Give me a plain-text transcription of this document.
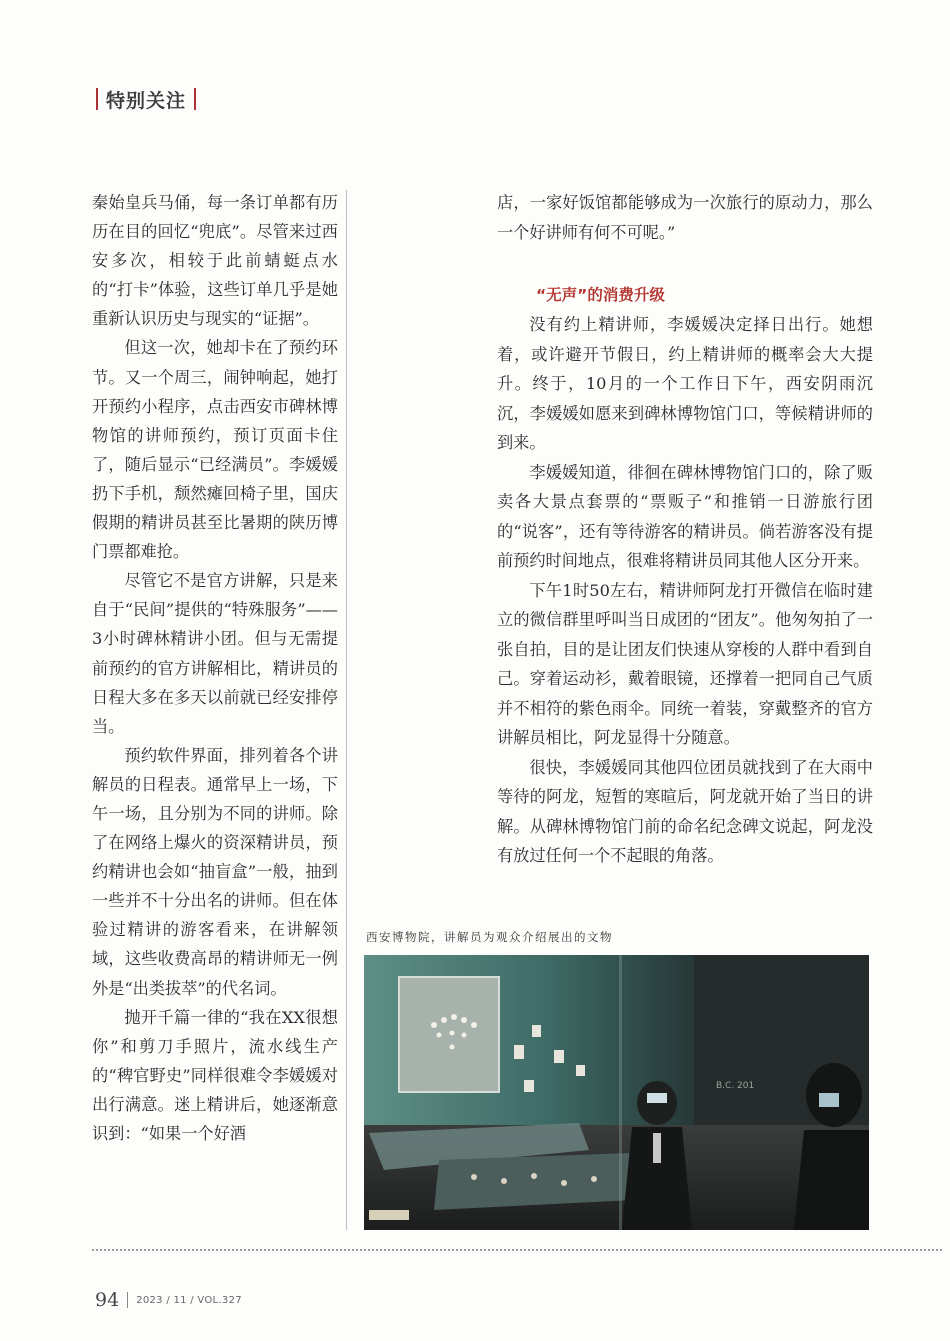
特别关注

秦始皇兵马俑，每一条订单都有历历在目的回忆“兜底”。尽管来过西安多次，相较于此前蜻蜓点水的“打卡”体验，这些订单几乎是她重新认识历史与现实的“证据”。

但这一次，她却卡在了预约环节。又一个周三，闹钟响起，她打开预约小程序，点击西安市碑林博物馆的讲师预约，预订页面卡住了，随后显示“已经满员”。李媛媛扔下手机，颓然瘫回椅子里，国庆假期的精讲员甚至比暑期的陕历博门票都难抢。

尽管它不是官方讲解，只是来自于“民间”提供的“特殊服务”——3小时碑林精讲小团。但与无需提前预约的官方讲解相比，精讲员的日程大多在多天以前就已经安排停当。

预约软件界面，排列着各个讲解员的日程表。通常早上一场，下午一场，且分别为不同的讲师。除了在网络上爆火的资深精讲员，预约精讲也会如“抽盲盒”一般，抽到一些并不十分出名的讲师。但在体验过精讲的游客看来，在讲解领域，这些收费高昂的精讲师无一例外是“出类拔萃”的代名词。

抛开千篇一律的“我在XX很想你”和剪刀手照片，流水线生产的“稗官野史”同样很难令李媛媛对出行满意。迷上精讲后，她逐渐意识到：“如果一个好酒

店，一家好饭馆都能够成为一次旅行的原动力，那么一个好讲师有何不可呢。”

“无声”的消费升级

没有约上精讲师，李媛媛决定择日出行。她想着，或许避开节假日，约上精讲师的概率会大大提升。终于，10月的一个工作日下午，西安阴雨沉沉，李媛媛如愿来到碑林博物馆门口，等候精讲师的到来。

李媛媛知道，徘徊在碑林博物馆门口的，除了贩卖各大景点套票的“票贩子”和推销一日游旅行团的“说客”，还有等待游客的精讲员。倘若游客没有提前预约时间地点，很难将精讲员同其他人区分开来。

下午1时50左右，精讲师阿龙打开微信在临时建立的微信群里呼叫当日成团的“团友”。他匆匆拍了一张自拍，目的是让团友们快速从穿梭的人群中看到自己。穿着运动衫，戴着眼镜，还撑着一把同自己气质并不相符的紫色雨伞。同统一着装，穿戴整齐的官方讲解员相比，阿龙显得十分随意。

很快，李媛媛同其他四位团员就找到了在大雨中等待的阿龙，短暂的寒暄后，阿龙就开始了当日的讲解。从碑林博物馆门前的命名纪念碑文说起，阿龙没有放过任何一个不起眼的角落。

西安博物院，讲解员为观众介绍展出的文物
B.C. 201
94 2023 / 11 / VOL.327
